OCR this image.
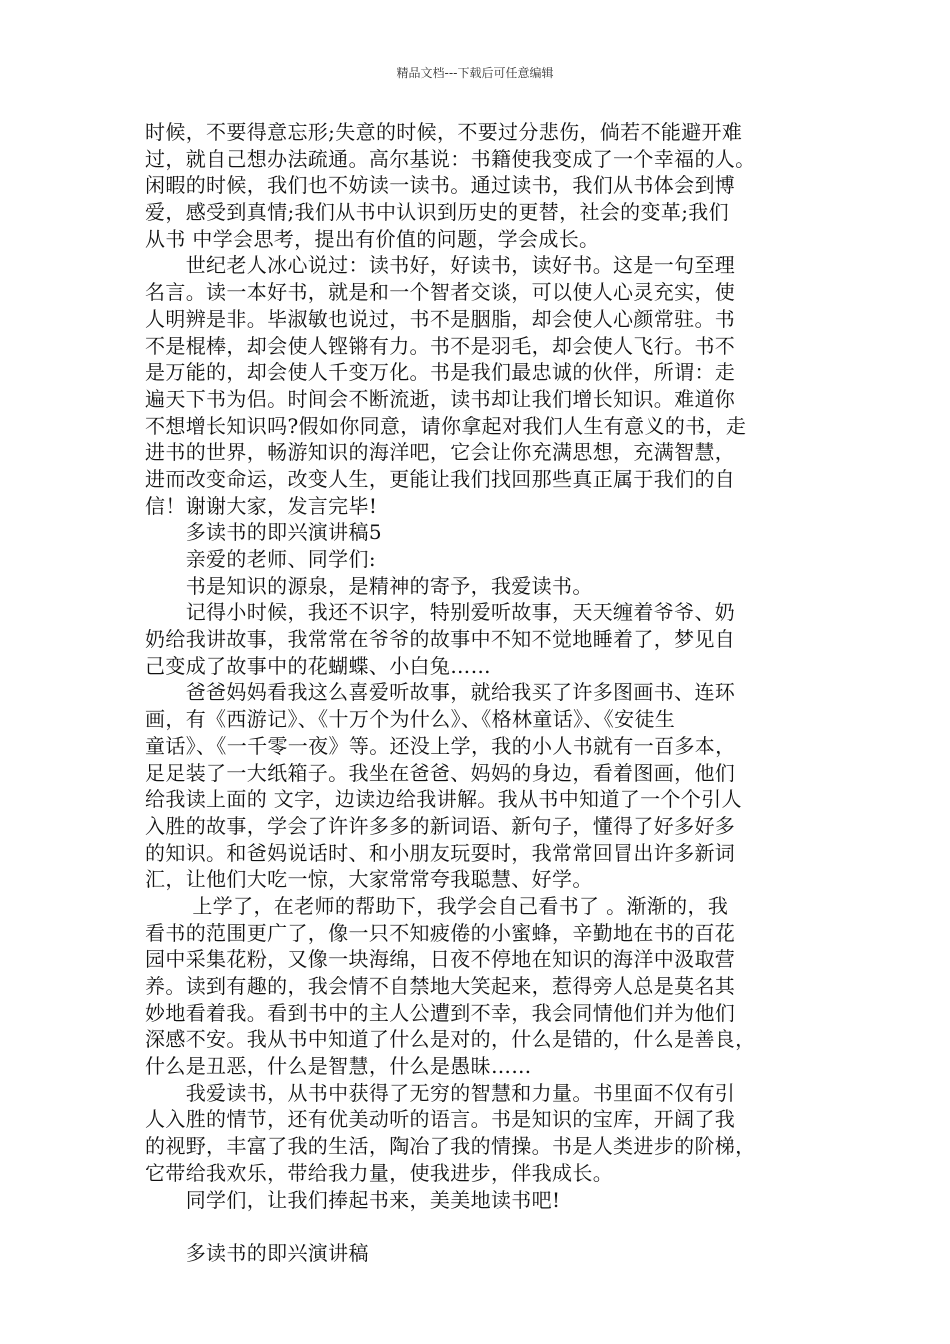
精品文档---下载后可任意编辑
时候，不要得意忘形;失意的时候，不要过分悲伤，倘若不能避开难
过，就自己想办法疏通。高尔基说：书籍使我变成了一个幸福的人。
闲暇的时候，我们也不妨读一读书。通过读书，我们从书体会到博
爱，感受到真情;我们从书中认识到历史的更替，社会的变革;我们
从书 中学会思考，提出有价值的问题，学会成长。
　　世纪老人冰心说过：读书好，好读书，读好书。这是一句至理
名言。读一本好书，就是和一个智者交谈，可以使人心灵充实，使
人明辨是非。毕淑敏也说过，书不是胭脂，却会使人心颜常驻。书
不是棍棒，却会使人铿锵有力。书不是羽毛，却会使人飞行。书不
是万能的，却会使人千变万化。书是我们最忠诚的伙伴，所谓：走
遍天下书为侣。时间会不断流逝，读书却让我们增长知识。难道你
不想增长知识吗?假如你同意，请你拿起对我们人生有意义的书，走
进书的世界，畅游知识的海洋吧，它会让你充满思想，充满智慧，
进而改变命运，改变人生，更能让我们找回那些真正属于我们的自
信！谢谢大家，发言完毕!
　　多读书的即兴演讲稿5
　　亲爱的老师、同学们:
　　书是知识的源泉，是精神的寄予，我爱读书。
　　记得小时候，我还不识字，特别爱听故事，天天缠着爷爷、奶
奶给我讲故事，我常常在爷爷的故事中不知不觉地睡着了，梦见自
己变成了故事中的花蝴蝶、小白兔……
　　爸爸妈妈看我这么喜爱听故事，就给我买了许多图画书、连环
画，有《西游记》、《十万个为什么》、《格林童话》、《安徒生
童话》、《一千零一夜》等。还没上学，我的小人书就有一百多本，
足足装了一大纸箱子。我坐在爸爸、妈妈的身边，看着图画，他们
给我读上面的 文字，边读边给我讲解。我从书中知道了一个个引人
入胜的故事，学会了许许多多的新词语、新句子，懂得了好多好多
的知识。和爸妈说话时、和小朋友玩耍时，我常常回冒出许多新词
汇，让他们大吃一惊，大家常常夸我聪慧、好学。
　　 上学了，在老师的帮助下，我学会自己看书了 。渐渐的，我
看书的范围更广了，像一只不知疲倦的小蜜蜂，辛勤地在书的百花
园中采集花粉，又像一块海绵，日夜不停地在知识的海洋中汲取营
养。读到有趣的，我会情不自禁地大笑起来，惹得旁人总是莫名其
妙地看着我。看到书中的主人公遭到不幸，我会同情他们并为他们
深感不安。我从书中知道了什么是对的，什么是错的，什么是善良，
什么是丑恶，什么是智慧，什么是愚昧……
　　我爱读书，从书中获得了无穷的智慧和力量。书里面不仅有引
人入胜的情节，还有优美动听的语言。书是知识的宝库，开阔了我
的视野，丰富了我的生活，陶冶了我的情操。书是人类进步的阶梯，
它带给我欢乐，带给我力量，使我进步，伴我成长。
　　同学们，让我们捧起书来，美美地读书吧!
　　多读书的即兴演讲稿
